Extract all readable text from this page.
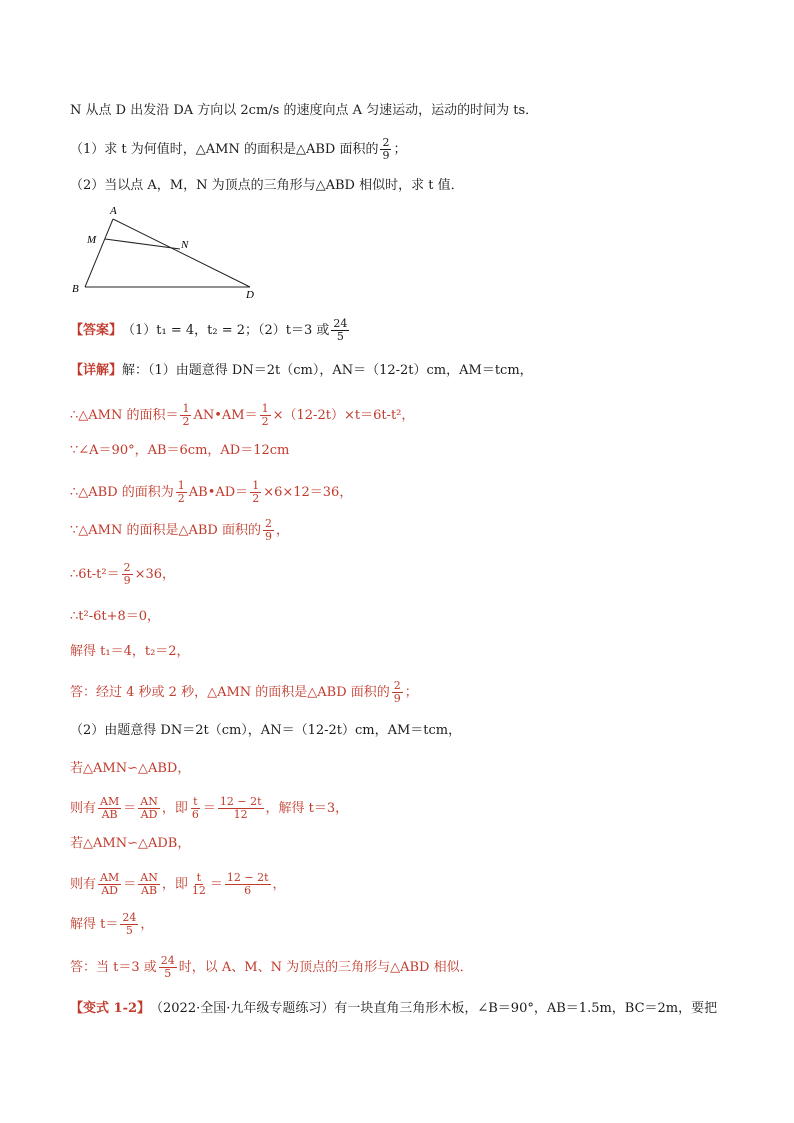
N 从点 D 出发沿 DA 方向以 2cm/s 的速度向点 A 匀速运动，运动的时间为 ts．
（1）求 t 为何值时，△AMN 的面积是△ABD 面积的 $\frac{2}{9}$ ；
（2）当以点 A，M，N 为顶点的三角形与△ABD 相似时，求 t 值．
A
M	N
B	D
【答案】 （1）t₁ = 4，t₂ = 2；（2）t＝3 或 $\frac{24}{5}$
【详解】 解：（1）由题意得 DN＝2t（cm），AN＝（12-2t）cm，AM＝tcm，
∴△AMN 的面积＝ $\frac{1}{2}$ AN•AM＝ $\frac{1}{2} \times(12-2t)\times t=6t-t^2$，
∵∠A＝90°，AB＝6cm，AD＝12cm
∴△ABD 的面积为 $\frac{1}{2}$ AB•AD＝ $\frac{1}{2} \times 6\times 12=36$，
∵△AMN 的面积是△ABD 面积的 $\frac{2}{9}$ ，
∴6t-t²＝ $\frac{2}{9} \times 36$，
∴t²-6t+8＝0，
解得 t₁＝4，t₂＝2，
答：经过 4 秒或 2 秒，△AMN 的面积是△ABD 面积的 $\frac{2}{9}$ ；
（2）由题意得 DN＝2t（cm），AN＝（12-2t）cm，AM＝tcm，
若△AMN∽△ABD，
则有 $\frac{AM}{AB} = \frac{AN}{AD}$ ，即 $\frac{t}{6} = \frac{12 - 2t}{12}$ ，解得 t＝3，
若△AMN∽△ADB，
则有 $\frac{AM}{AD} = \frac{AN}{AB}$ ，即 $\frac{t}{12} = \frac{12 - 2t}{6}$ ，
解得 $t= \frac{24}{5}$ ，
答：当 t＝3 或 $\frac{24}{5}$ 时，以 A、M、N 为顶点的三角形与△ABD 相似．
【变式 1-2】 （2022·全国·九年级专题练习）有一块直角三角形木板，∠B＝90°，AB＝1.5m，BC＝2m，要把
